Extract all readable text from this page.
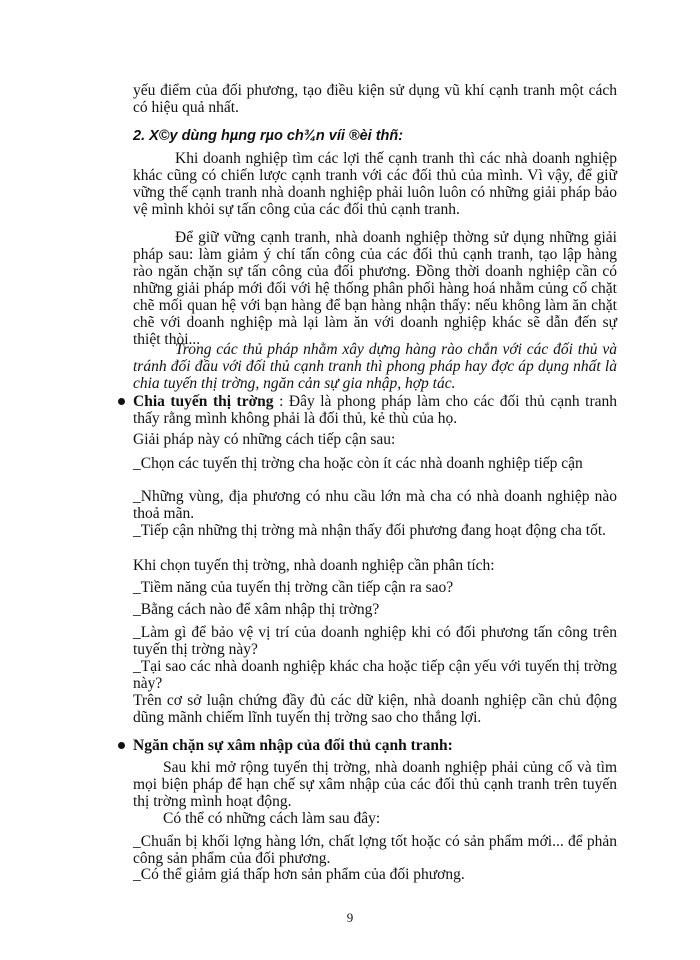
yếu điểm của đối phương, tạo điều kiện sử dụng vũ khí cạnh tranh một cách có hiệu quả nhất.

2. X©y dùng hµng rµo ch¾n víi ®èi thñ:

Khi doanh nghiệp tìm các lợi thế cạnh tranh thì các nhà doanh nghiệp khác cũng có chiến lược cạnh tranh với các đối thủ của mình. Vì vậy, để giữ vững thế cạnh tranh nhà doanh nghiệp phải luôn luôn có những giải pháp bảo vệ mình khỏi sự tấn công của các đối thủ cạnh tranh.

Để giữ vững cạnh tranh, nhà doanh nghiệp thờng sử dụng những giải pháp sau: làm giảm ý chí tấn công của các đối thủ cạnh tranh, tạo lập hàng rào ngăn chặn sự tấn công của đối phương. Đồng thời doanh nghiệp cần có những giải pháp mới đối với hệ thống phân phối hàng hoá nhằm củng cố chặt chẽ mối quan hệ với bạn hàng để bạn hàng nhận thấy: nếu không làm ăn chặt chẽ với doanh nghiệp mà lại làm ăn với doanh nghiệp khác sẽ dẫn đến sự thiệt thòi...

Trong các thủ pháp nhằm xây dựng hàng rào chắn với các đối thủ và tránh đối đầu với đối thủ cạnh tranh thì phong pháp hay đợc áp dụng nhất là chia tuyến thị trờng, ngăn cản sự gia nhập, hợp tác.

Chia tuyến thị trờng : Đây là phong pháp làm cho các đối thủ cạnh tranh thấy rằng mình không phải là đối thủ, kẻ thù của họ.

Giải pháp này có những cách tiếp cận sau:

_Chọn các tuyến thị trờng cha hoặc còn ít các nhà doanh nghiệp tiếp cận

_Những vùng, địa phương có nhu cầu lớn mà cha có nhà doanh nghiệp nào thoả mãn.

_Tiếp cận những thị trờng mà nhận thấy đối phương đang hoạt động cha tốt.

Khi chọn tuyến thị trờng, nhà doanh nghiệp cần phân tích:

_Tiềm năng của tuyến thị trờng cần tiếp cận ra sao?

_Bằng cách nào để xâm nhập thị trờng?

_Làm gì để bảo vệ vị trí của doanh nghiệp khi có đối phương tấn công trên tuyến thị trờng này?

_Tại sao các nhà doanh nghiệp khác cha hoặc tiếp cận yếu với tuyến thị trờng này?

Trên cơ sở luận chứng đầy đủ các dữ kiện, nhà doanh nghiệp cần chủ động dũng mãnh chiếm lĩnh tuyến thị trờng sao cho thắng lợi.

Ngăn chặn sự xâm nhập của đối thủ cạnh tranh:

Sau khi mở rộng tuyến thị trờng, nhà doanh nghiệp phải củng cố và tìm mọi biện pháp để hạn chế sự xâm nhập của các đối thủ cạnh tranh trên tuyến thị trờng mình hoạt động.

Có thể có những cách làm sau đây:

_Chuẩn bị khối lợng hàng lớn, chất lợng tốt hoặc có sản phẩm mới... để phản công sản phẩm của đối phương.

_Có thể giảm giá thấp hơn sản phẩm của đối phương.

9
